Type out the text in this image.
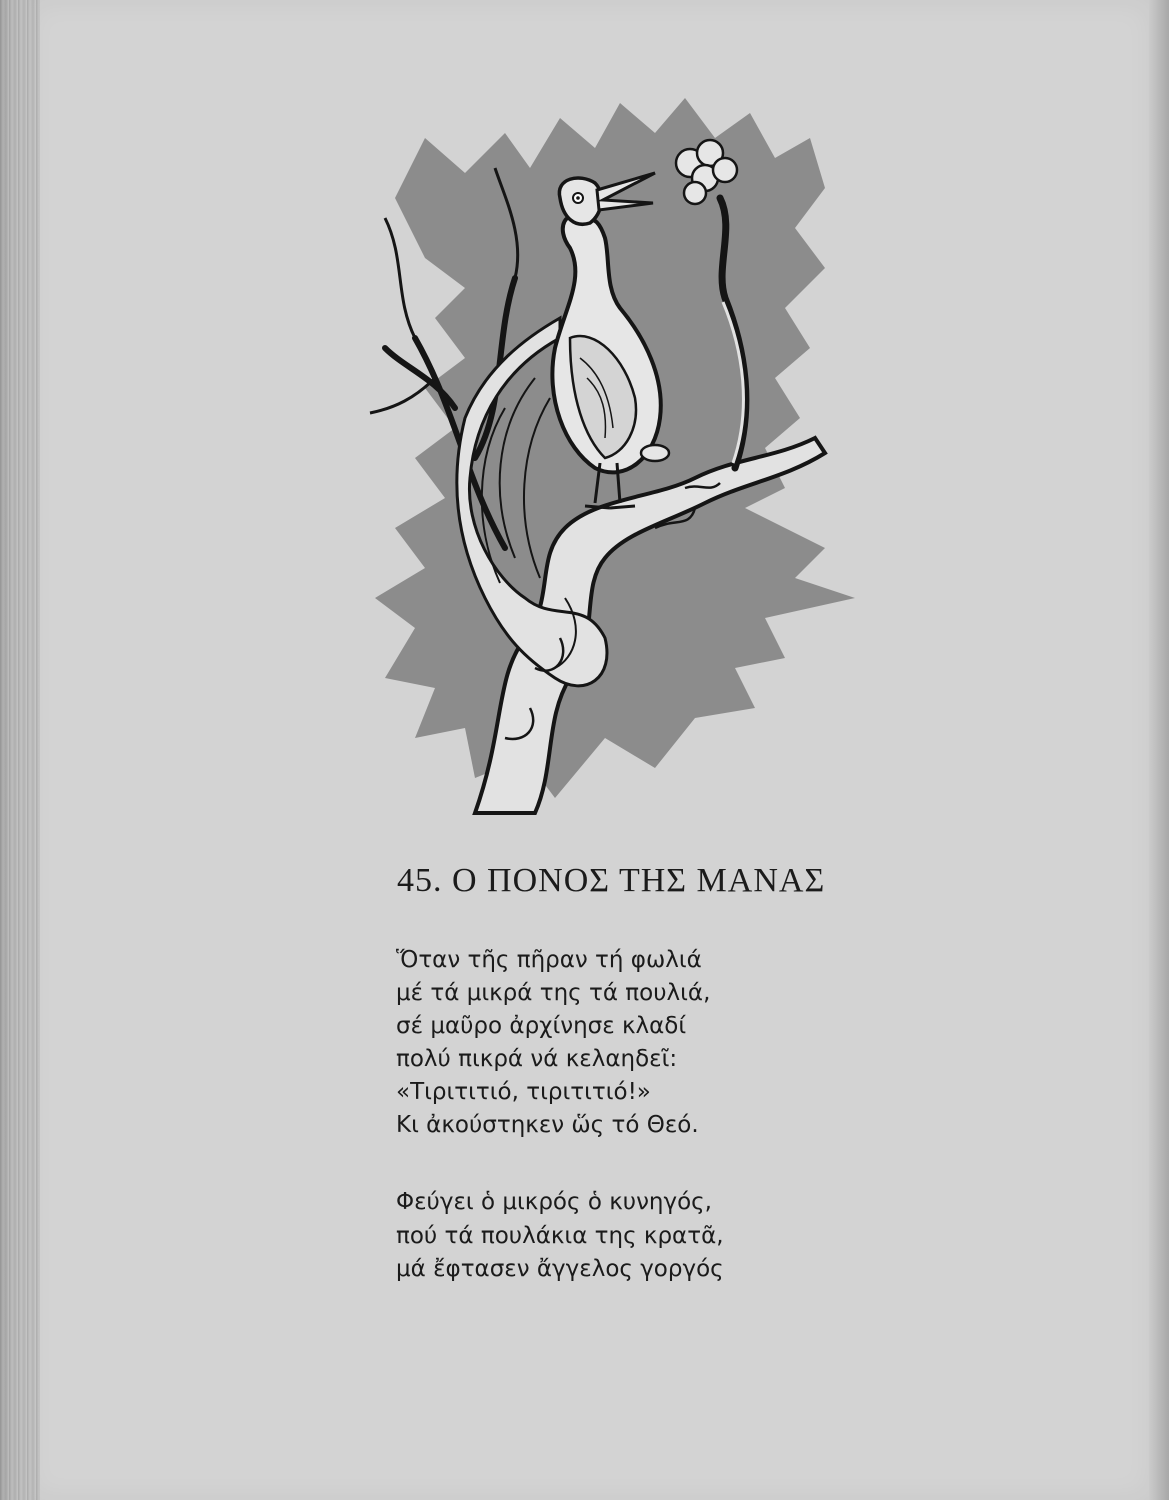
45. Ο ΠΟΝΟΣ ΤΗΣ ΜΑΝΑΣ

Ὅταν τῆς πῆραν τή φωλιά

μέ τά μικρά της τά πουλιά,

σέ μαῦρο ἀρχίνησε κλαδί

πολύ πικρά νά κελαηδεῖ:

«Τιριτιτιό, τιριτιτιό!»

Κι ἀκούστηκεν ὥς τό Θεό.

Φεύγει ὁ μικρός ὁ κυνηγός,

πού τά πουλάκια της κρατᾶ,

μά ἔφτασεν ἄγγελος γοργός
